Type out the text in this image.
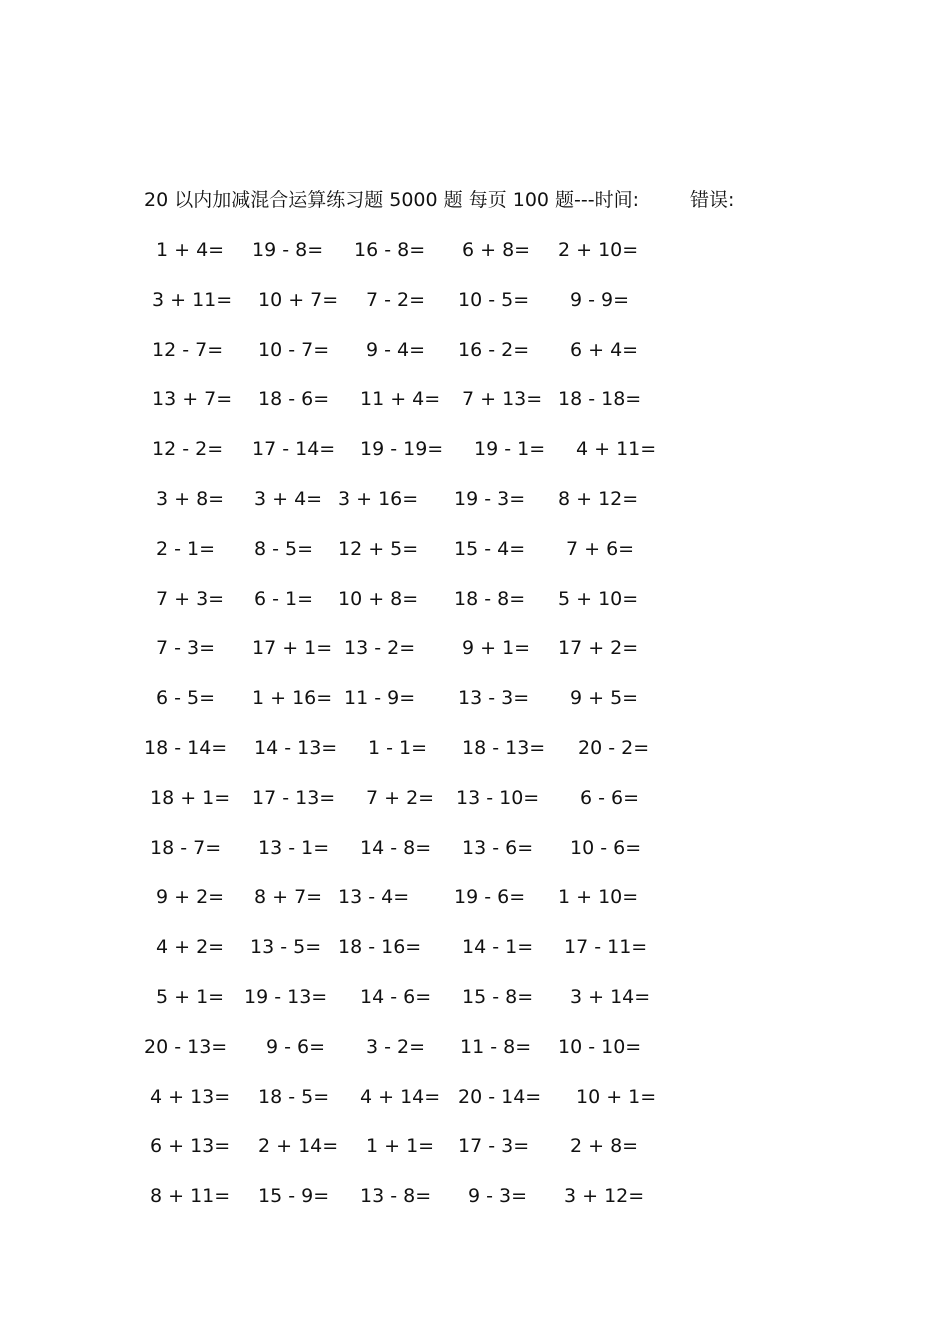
20 以内加减混合运算练习题 5000 题 每页 100 题---时间:	错误:
1 + 4= 19 - 8= 16 - 8= 6 + 8= 2 + 10=
3 + 11= 10 + 7= 7 - 2= 10 - 5= 9 - 9=
12 - 7= 10 - 7= 9 - 4= 16 - 2= 6 + 4=
13 + 7= 18 - 6= 11 + 4= 7 + 13= 18 - 18=
12 - 2= 17 - 14= 19 - 19= 19 - 1= 4 + 11=
3 + 8= 3 + 4= 3 + 16= 19 - 3= 8 + 12=
2 - 1= 8 - 5= 12 + 5= 15 - 4= 7 + 6=
7 + 3= 6 - 1= 10 + 8= 18 - 8= 5 + 10=
7 - 3= 17 + 1= 13 - 2= 9 + 1= 17 + 2=
6 - 5= 1 + 16= 11 - 9= 13 - 3= 9 + 5=
18 - 14= 14 - 13= 1 - 1= 18 - 13= 20 - 2=
18 + 1= 17 - 13= 7 + 2= 13 - 10= 6 - 6=
18 - 7= 13 - 1= 14 - 8= 13 - 6= 10 - 6=
9 + 2= 8 + 7= 13 - 4= 19 - 6= 1 + 10=
4 + 2= 13 - 5= 18 - 16= 14 - 1= 17 - 11=
5 + 1= 19 - 13= 14 - 6= 15 - 8= 3 + 14=
20 - 13= 9 - 6= 3 - 2= 11 - 8= 10 - 10=
4 + 13= 18 - 5= 4 + 14= 20 - 14= 10 + 1=
6 + 13= 2 + 14= 1 + 1= 17 - 3= 2 + 8=
8 + 11= 15 - 9= 13 - 8= 9 - 3= 3 + 12=
